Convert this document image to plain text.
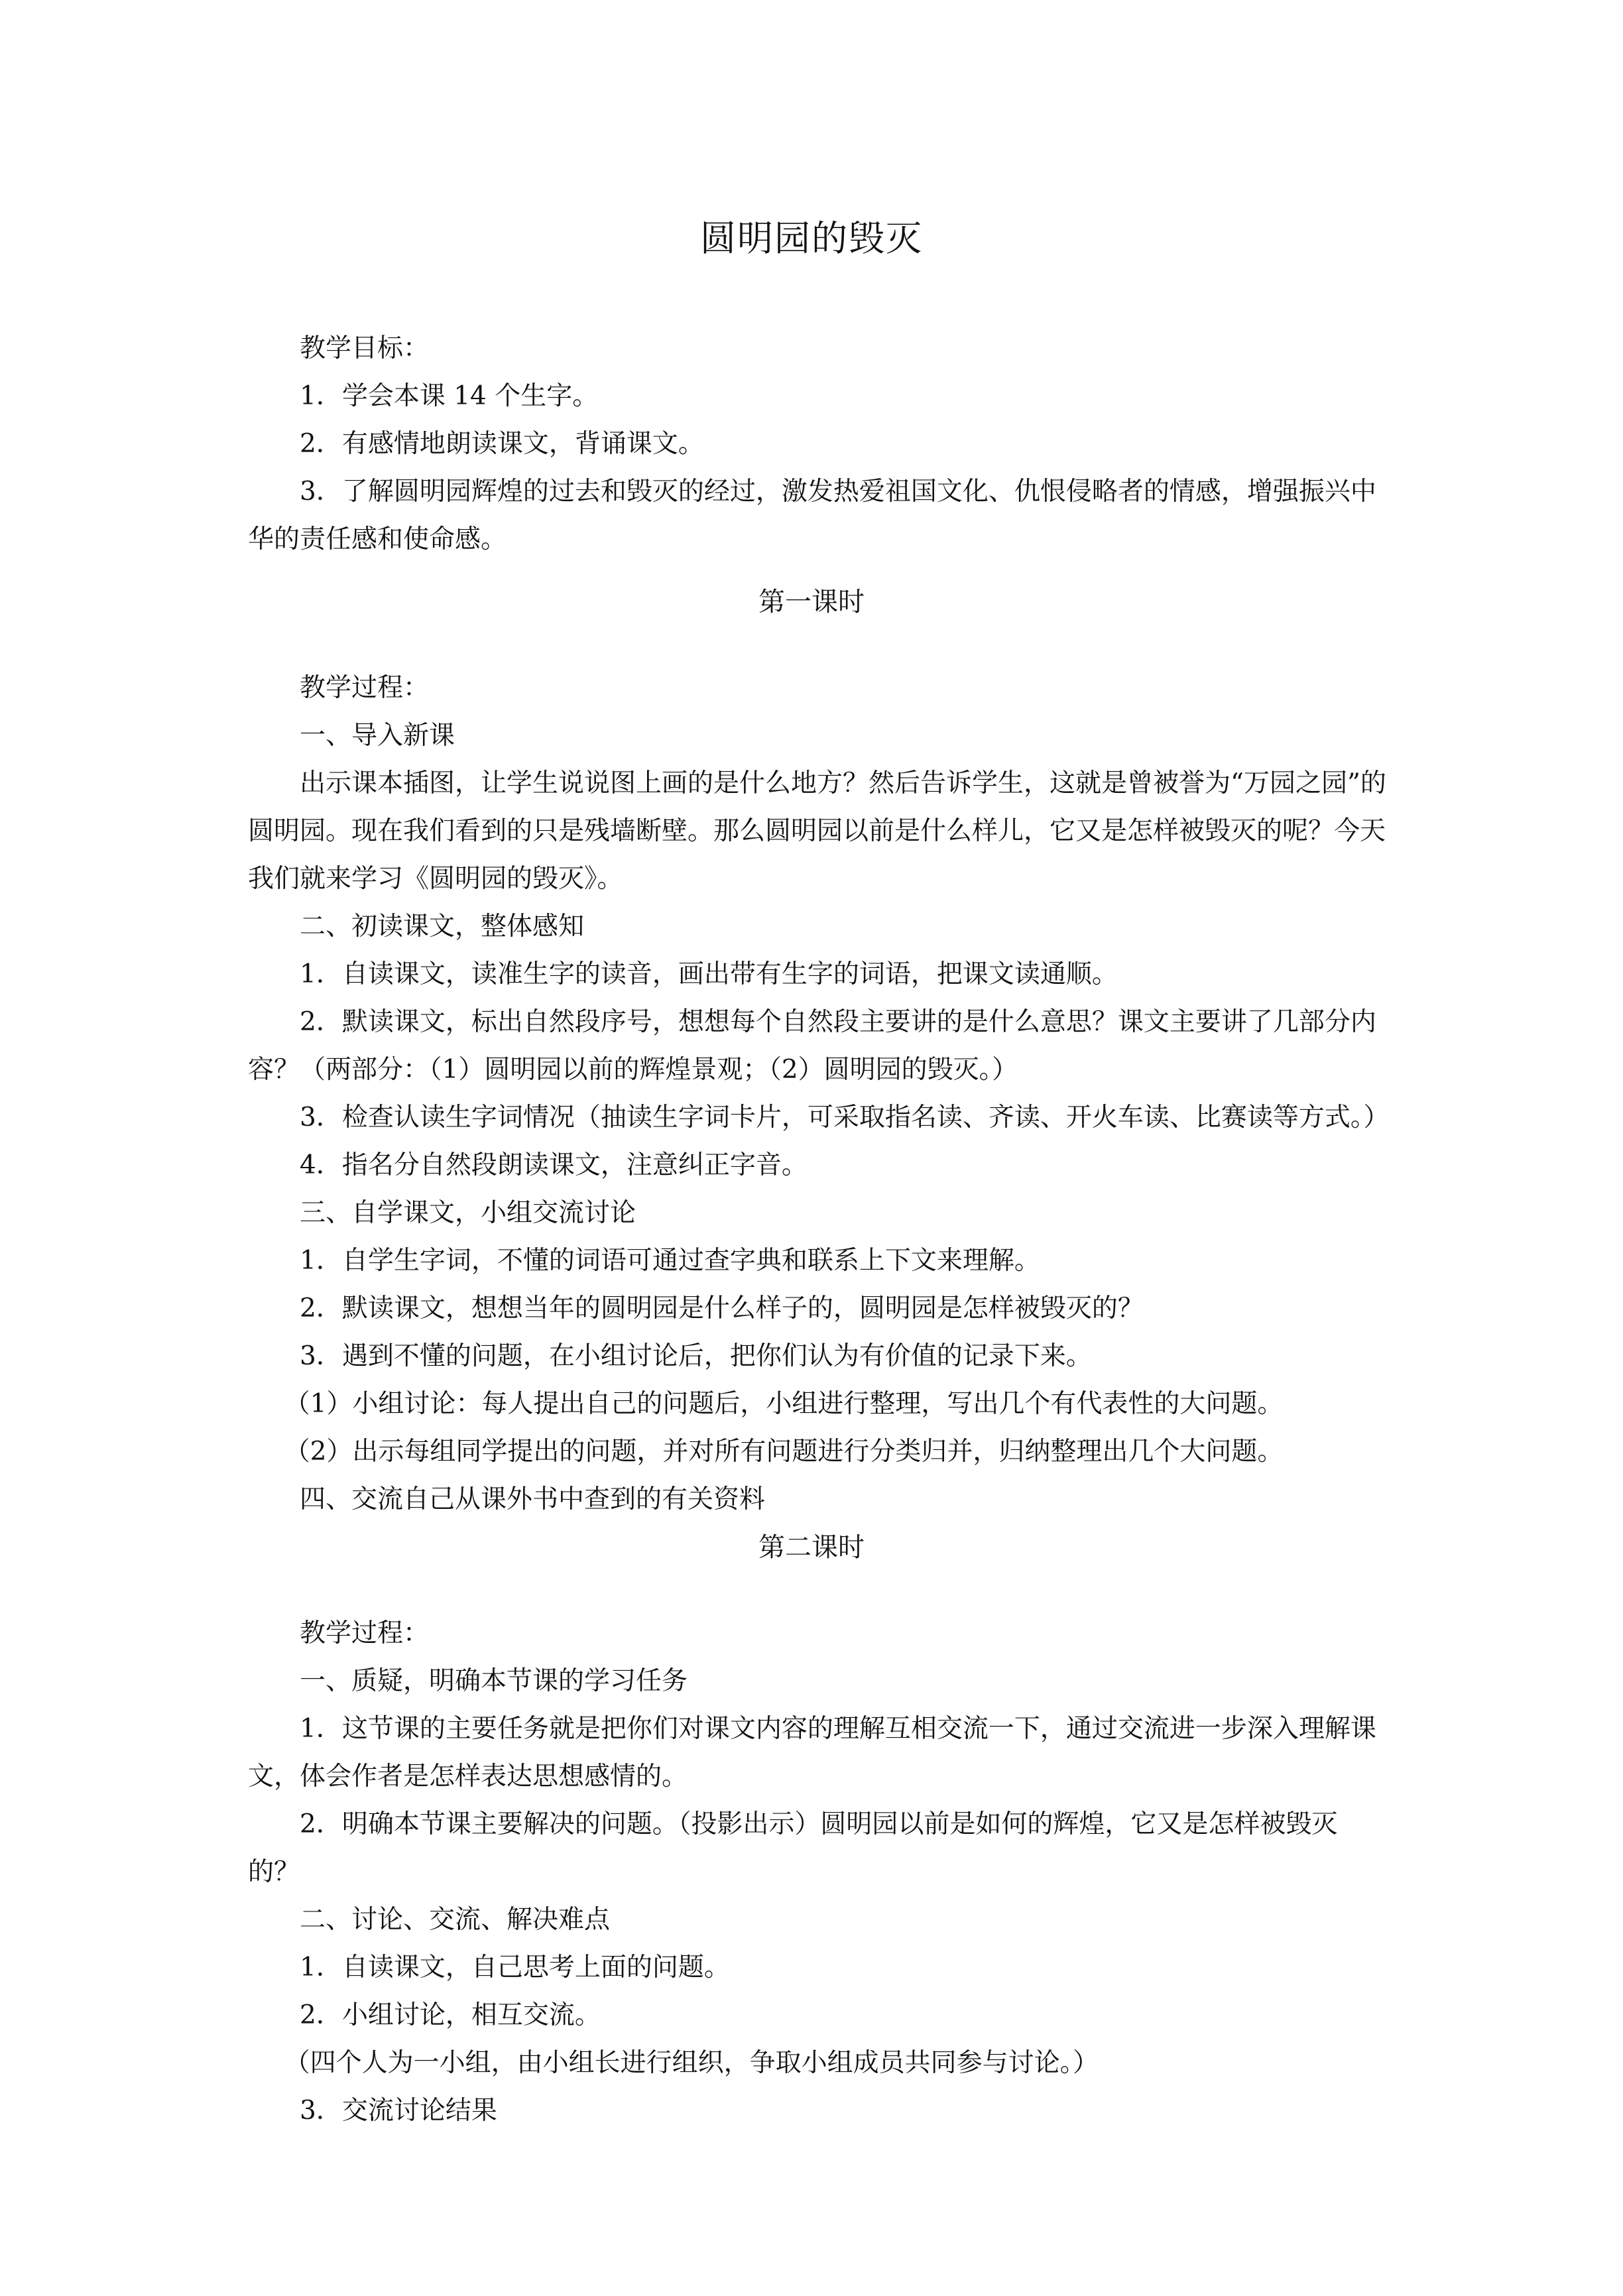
圆明园的毁灭

教学目标：

1．学会本课 14 个生字。

2．有感情地朗读课文，背诵课文。

3．了解圆明园辉煌的过去和毁灭的经过，激发热爱祖国文化、仇恨侵略者的情感，增强振兴中华的责任感和使命感。

第一课时

教学过程：

一、导入新课

出示课本插图，让学生说说图上画的是什么地方？然后告诉学生，这就是曾被誉为“万园之园”的圆明园。现在我们看到的只是残墙断壁。那么圆明园以前是什么样儿，它又是怎样被毁灭的呢？今天我们就来学习《圆明园的毁灭》。

二、初读课文，整体感知

1．自读课文，读准生字的读音，画出带有生字的词语，把课文读通顺。

2．默读课文，标出自然段序号，想想每个自然段主要讲的是什么意思？课文主要讲了几部分内容？（两部分：（1）圆明园以前的辉煌景观；（2）圆明园的毁灭。）

3．检查认读生字词情况（抽读生字词卡片，可采取指名读、齐读、开火车读、比赛读等方式。）

4．指名分自然段朗读课文，注意纠正字音。

三、自学课文，小组交流讨论

1．自学生字词，不懂的词语可通过查字典和联系上下文来理解。

2．默读课文，想想当年的圆明园是什么样子的，圆明园是怎样被毁灭的？

3．遇到不懂的问题，在小组讨论后，把你们认为有价值的记录下来。

（1）小组讨论：每人提出自己的问题后，小组进行整理，写出几个有代表性的大问题。

（2）出示每组同学提出的问题，并对所有问题进行分类归并，归纳整理出几个大问题。

四、交流自己从课外书中查到的有关资料

第二课时

教学过程：

一、质疑，明确本节课的学习任务

1．这节课的主要任务就是把你们对课文内容的理解互相交流一下，通过交流进一步深入理解课文，体会作者是怎样表达思想感情的。

2．明确本节课主要解决的问题。（投影出示）圆明园以前是如何的辉煌，它又是怎样被毁灭的？

二、讨论、交流、解决难点

1．自读课文，自己思考上面的问题。

2．小组讨论，相互交流。

（四个人为一小组，由小组长进行组织，争取小组成员共同参与讨论。）

3．交流讨论结果
